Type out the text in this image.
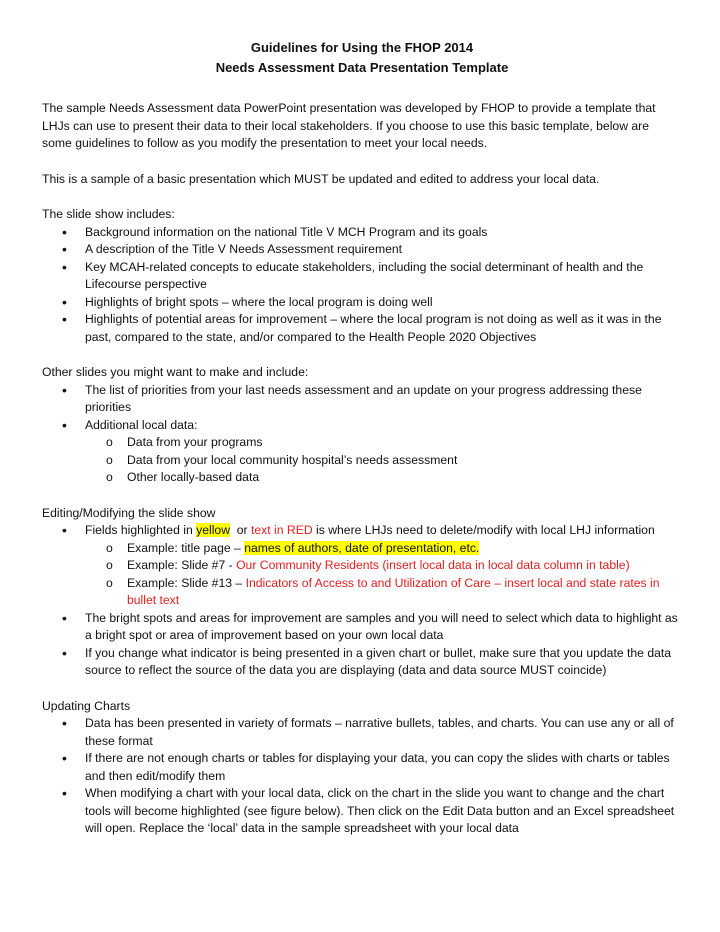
Guidelines for Using the FHOP 2014
Needs Assessment Data Presentation Template

The sample Needs Assessment data PowerPoint presentation was developed by FHOP to provide a template that LHJs can use to present their data to their local stakeholders. If you choose to use this basic template, below are some guidelines to follow as you modify the presentation to meet your local needs.

This is a sample of a basic presentation which MUST be updated and edited to address your local data.

The slide show includes:

• Background information on the national Title V MCH Program and its goals
• A description of the Title V Needs Assessment requirement
• Key MCAH-related concepts to educate stakeholders, including the social determinant of health and the Lifecourse perspective
• Highlights of bright spots – where the local program is doing well
• Highlights of potential areas for improvement – where the local program is not doing as well as it was in the past, compared to the state, and/or compared to the Health People 2020 Objectives

Other slides you might want to make and include:

• The list of priorities from your last needs assessment and an update on your progress addressing these priorities
• Additional local data:
o Data from your programs
o Data from your local community hospital’s needs assessment
o Other locally-based data

Editing/Modifying the slide show

• Fields highlighted in yellow  or text in RED is where LHJs need to delete/modify with local LHJ information
o Example: title page – names of authors, date of presentation, etc.
o Example: Slide #7 - Our Community Residents (insert local data in local data column in table)
o Example: Slide #13 – Indicators of Access to and Utilization of Care – insert local and state rates in bullet text
• The bright spots and areas for improvement are samples and you will need to select which data to highlight as a bright spot or area of improvement based on your own local data
• If you change what indicator is being presented in a given chart or bullet, make sure that you update the data source to reflect the source of the data you are displaying (data and data source MUST coincide)

Updating Charts

• Data has been presented in variety of formats – narrative bullets, tables, and charts. You can use any or all of these format
• If there are not enough charts or tables for displaying your data, you can copy the slides with charts or tables and then edit/modify them
• When modifying a chart with your local data, click on the chart in the slide you want to change and the chart tools will become highlighted (see figure below). Then click on the Edit Data button and an Excel spreadsheet will open. Replace the ‘local’ data in the sample spreadsheet with your local data
